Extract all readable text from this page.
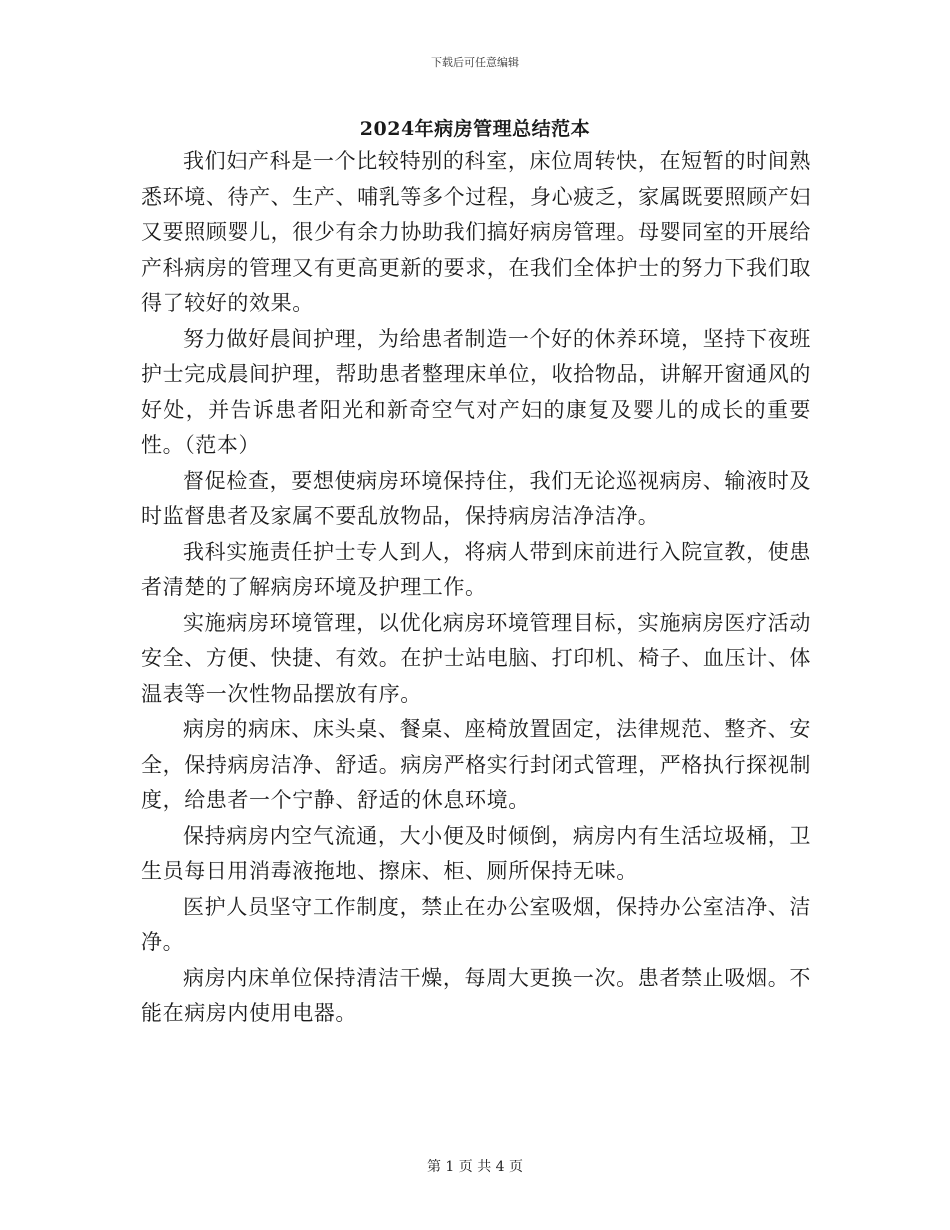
下载后可任意编辑
2024年病房管理总结范本

我们妇产科是一个比较特别的科室，床位周转快，在短暂的时间熟悉环境、待产、生产、哺乳等多个过程，身心疲乏，家属既要照顾产妇又要照顾婴儿，很少有余力协助我们搞好病房管理。母婴同室的开展给产科病房的管理又有更高更新的要求，在我们全体护士的努力下我们取得了较好的效果。

努力做好晨间护理，为给患者制造一个好的休养环境，坚持下夜班护士完成晨间护理，帮助患者整理床单位，收拾物品，讲解开窗通风的好处，并告诉患者阳光和新奇空气对产妇的康复及婴儿的成长的重要性。（范本）

督促检查，要想使病房环境保持住，我们无论巡视病房、输液时及时监督患者及家属不要乱放物品，保持病房洁净洁净。

我科实施责任护士专人到人，将病人带到床前进行入院宣教，使患者清楚的了解病房环境及护理工作。

实施病房环境管理，以优化病房环境管理目标，实施病房医疗活动安全、方便、快捷、有效。在护士站电脑、打印机、椅子、血压计、体温表等一次性物品摆放有序。

病房的病床、床头桌、餐桌、座椅放置固定，法律规范、整齐、安全，保持病房洁净、舒适。病房严格实行封闭式管理，严格执行探视制度，给患者一个宁静、舒适的休息环境。

保持病房内空气流通，大小便及时倾倒，病房内有生活垃圾桶，卫生员每日用消毒液拖地、擦床、柜、厕所保持无味。

医护人员坚守工作制度，禁止在办公室吸烟，保持办公室洁净、洁净。

病房内床单位保持清洁干燥，每周大更换一次。患者禁止吸烟。不能在病房内使用电器。

第 1 页 共 4 页
